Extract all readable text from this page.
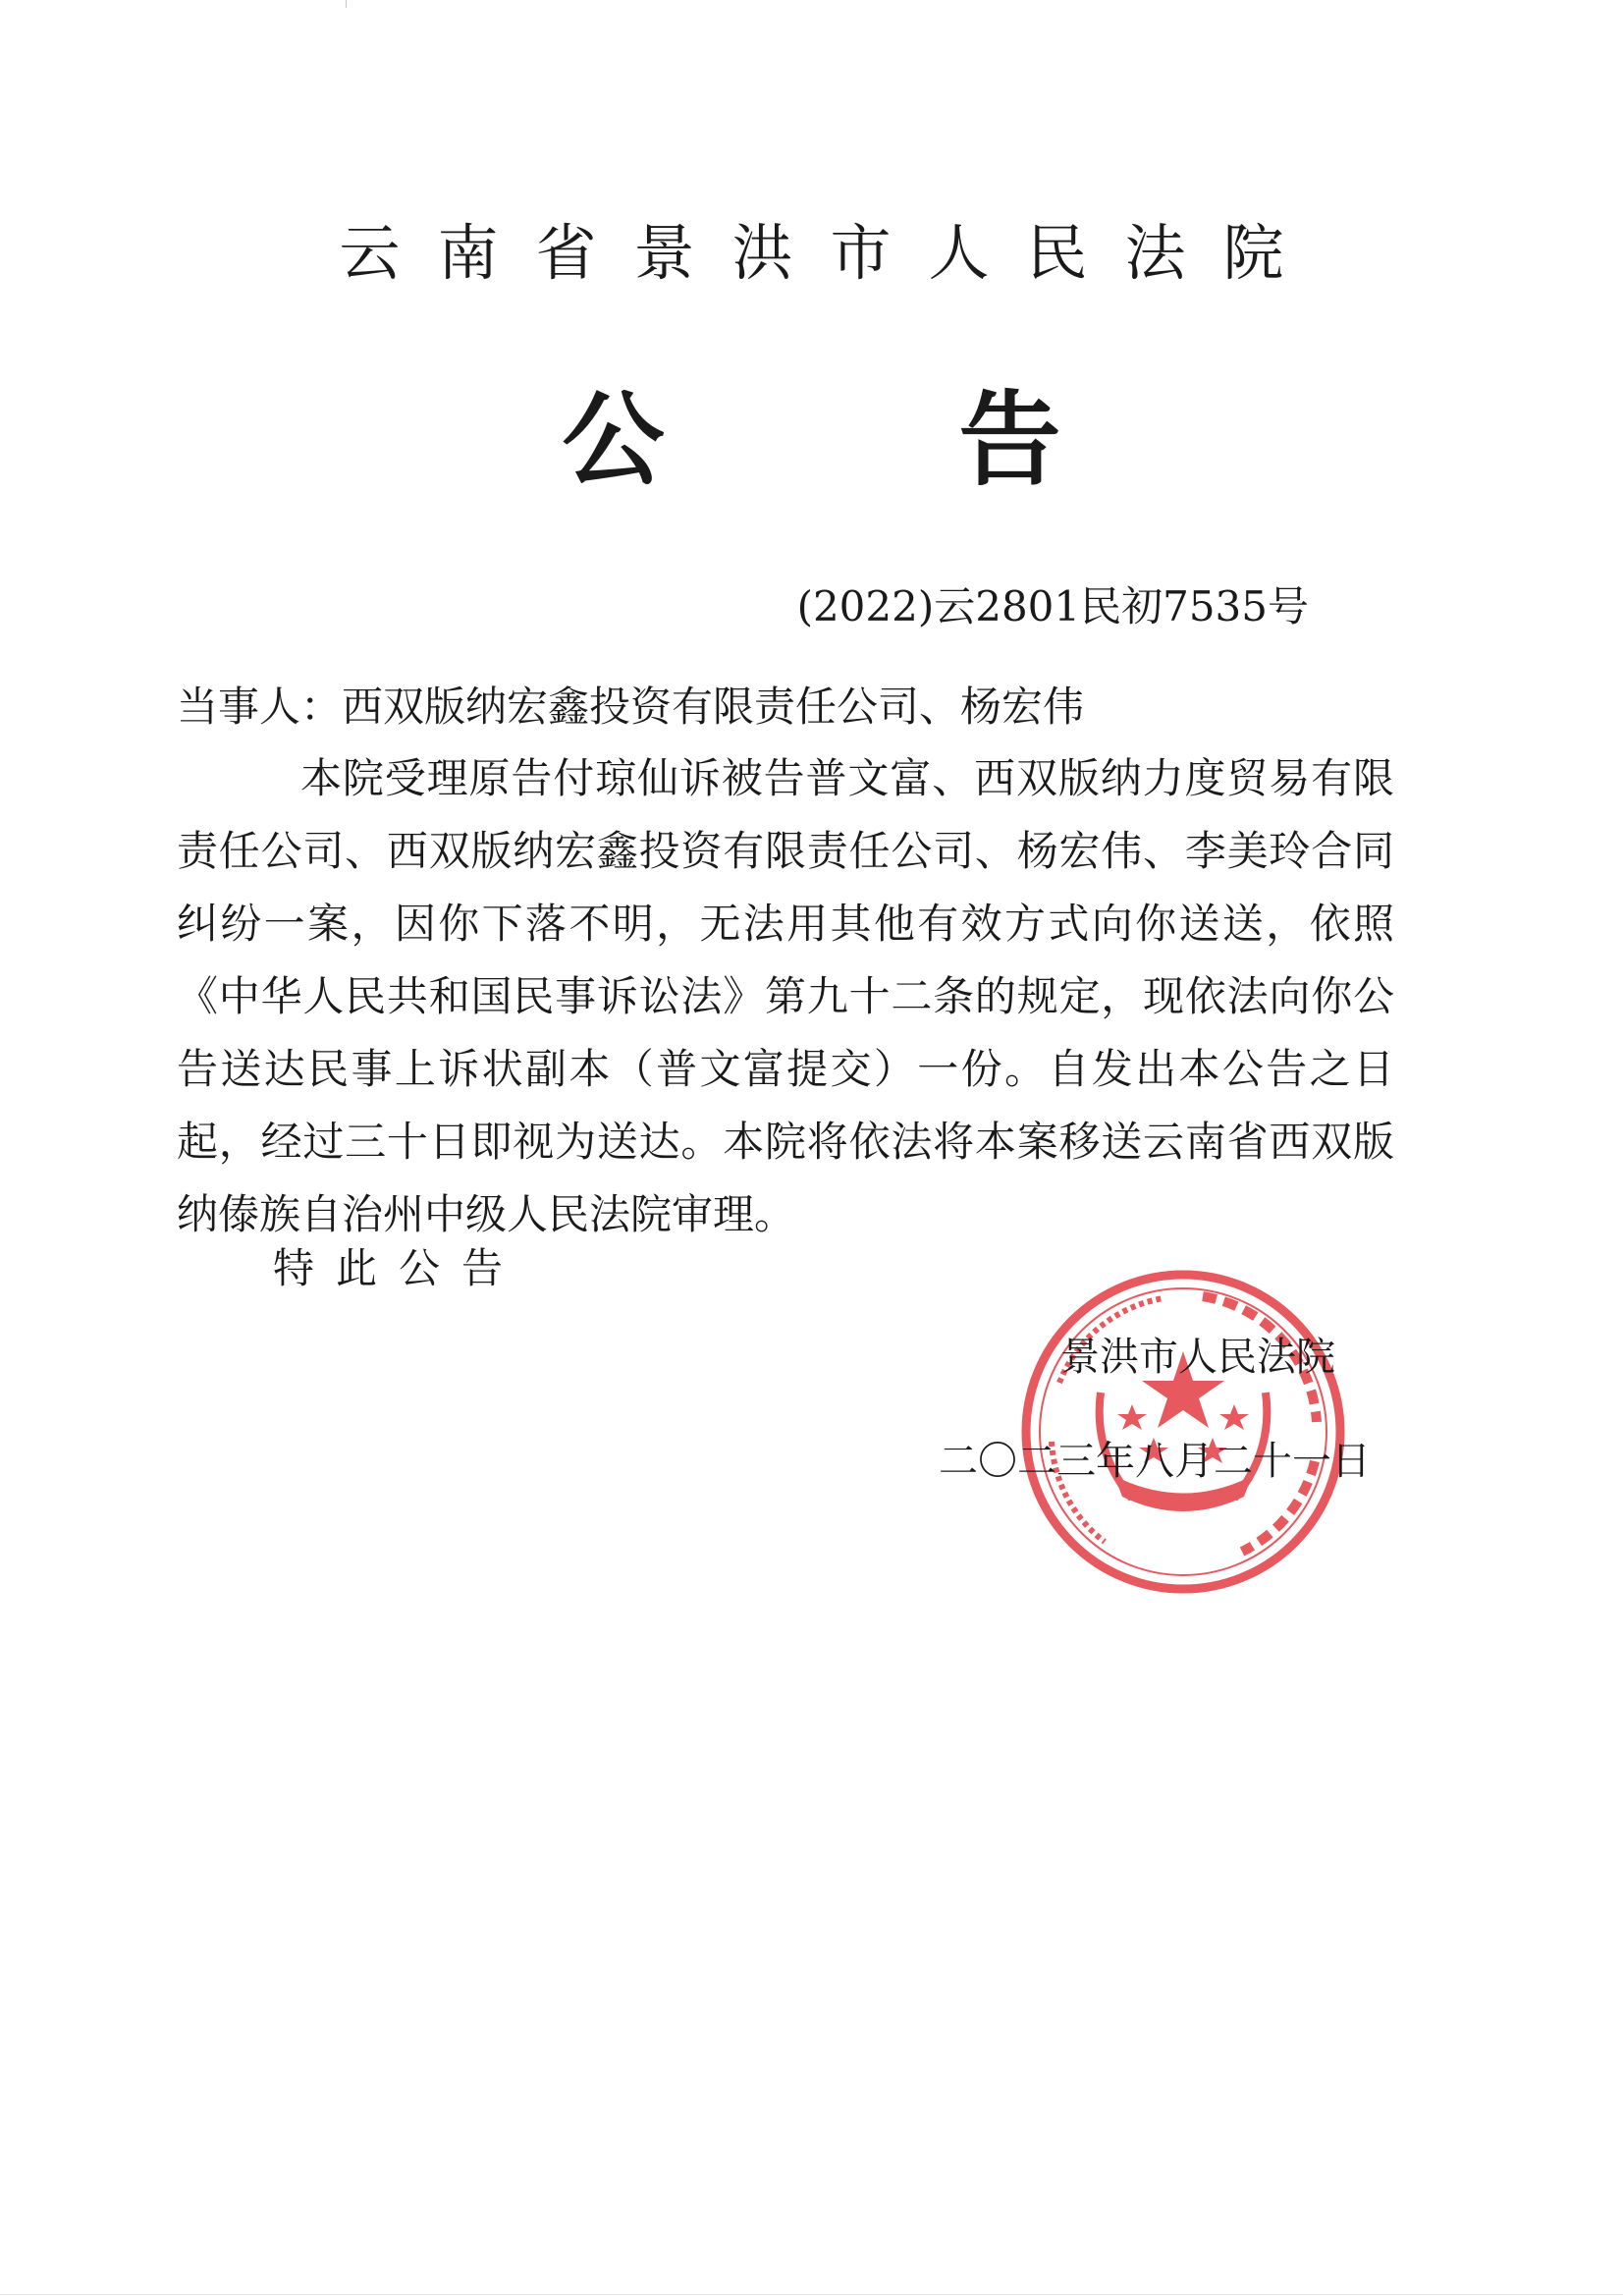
云南省景洪市人民法院
公告
(2022)云2801民初7535号
当事人：西双版纳宏鑫投资有限责任公司、杨宏伟
本院受理原告付琼仙诉被告普文富、西双版纳力度贸易有限责任公司、西双版纳宏鑫投资有限责任公司、杨宏伟、李美玲合同纠纷一案，因你下落不明，无法用其他有效方式向你送送，依照《中华人民共和国民事诉讼法》第九十二条的规定，现依法向你公告送达民事上诉状副本（普文富提交）一份。自发出本公告之日起，经过三十日即视为送达。本院将依法将本案移送云南省西双版纳傣族自治州中级人民法院审理。
特此公告
景洪市人民法院
二〇二三年八月二十一日
